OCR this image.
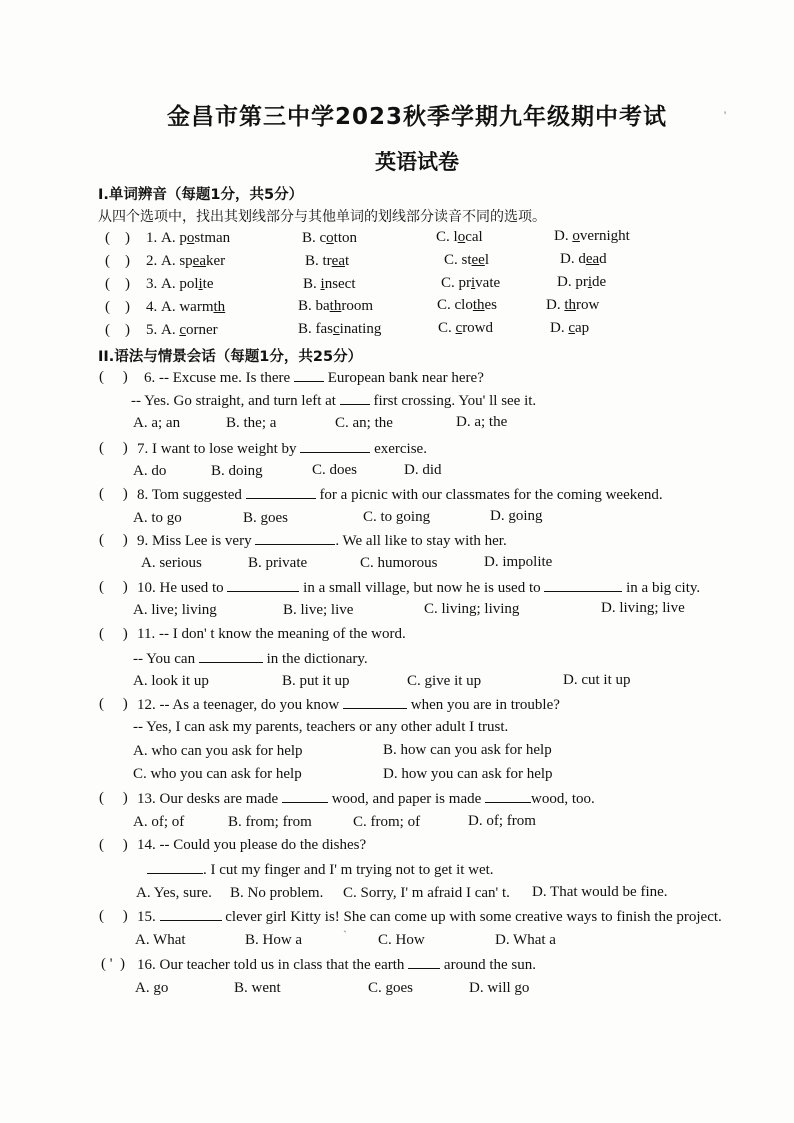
'
金昌市第三中学2023秋季学期九年级期中考试
英语试卷
I.单词辨音（每题1分，共5分）
从四个选项中，找出其划线部分与其他单词的划线部分读音不同的选项。
(    ) 1. A. postman	B. cotton	C. local	D. overnight
(    ) 2. A. speaker	B. treat	C. steel	D. dead
(    ) 3. A. polite	B. insect	C. private	D. pride
(    ) 4. A. warmth	B. bathroom	C. clothes	D. throw
(    ) 5. A. corner	B. fascinating	C. crowd	D. cap
II.语法与情景会话（每题1分，共25分）
(     ) 6. -- Excuse me. Is there  European bank near here?
-- Yes. Go straight, and turn left at  first crossing. You' ll see it.
A. a; an	B. the; a	C. an; the	D. a; the
(     ) 7. I want to lose weight by	exercise.
A. do	B. doing	C. does	D. did
(     ) 8. Tom suggested	for a picnic with our classmates for the coming weekend.
A. to go	B. goes	C. to going	D. going
(     ) 9. Miss Lee is very	. We all like to stay with her.
A. serious	B. private	C. humorous	D. impolite
(     ) 10. He used to	in a small village, but now he is used to	in a big city.
A. live; living	B. live; live	C. living; living	D. living; live
(     ) 11. -- I don' t know the meaning of the word.
-- You can	in the dictionary.
A. look it up	B. put it up	C. give it up	D. cut it up
(     ) 12. -- As a teenager, do you know	when you are in trouble?
-- Yes, I can ask my parents, teachers or any other adult I trust.
A. who can you ask for help	B. how can you ask for help
C. who you can ask for help	D. how you can ask for help
(     ) 13. Our desks are made	wood, and paper is made	wood, too.
A. of; of	B. from; from	C. from; of	D. of; from
(     ) 14. -- Could you please do the dishes?
. I cut my finger and I' m trying not to get it wet.
A. Yes, sure. B. No problem. C. Sorry, I' m afraid I can' t. D. That would be fine.
(     ) 15.	clever girl Kitty is! She can come up with some creative ways to finish the project.
A. What	B. How a	` C. How	D. What a
( '  ) 16. Our teacher told us in class that the earth  around the sun.
A. go	B. went	C. goes	D. will go
